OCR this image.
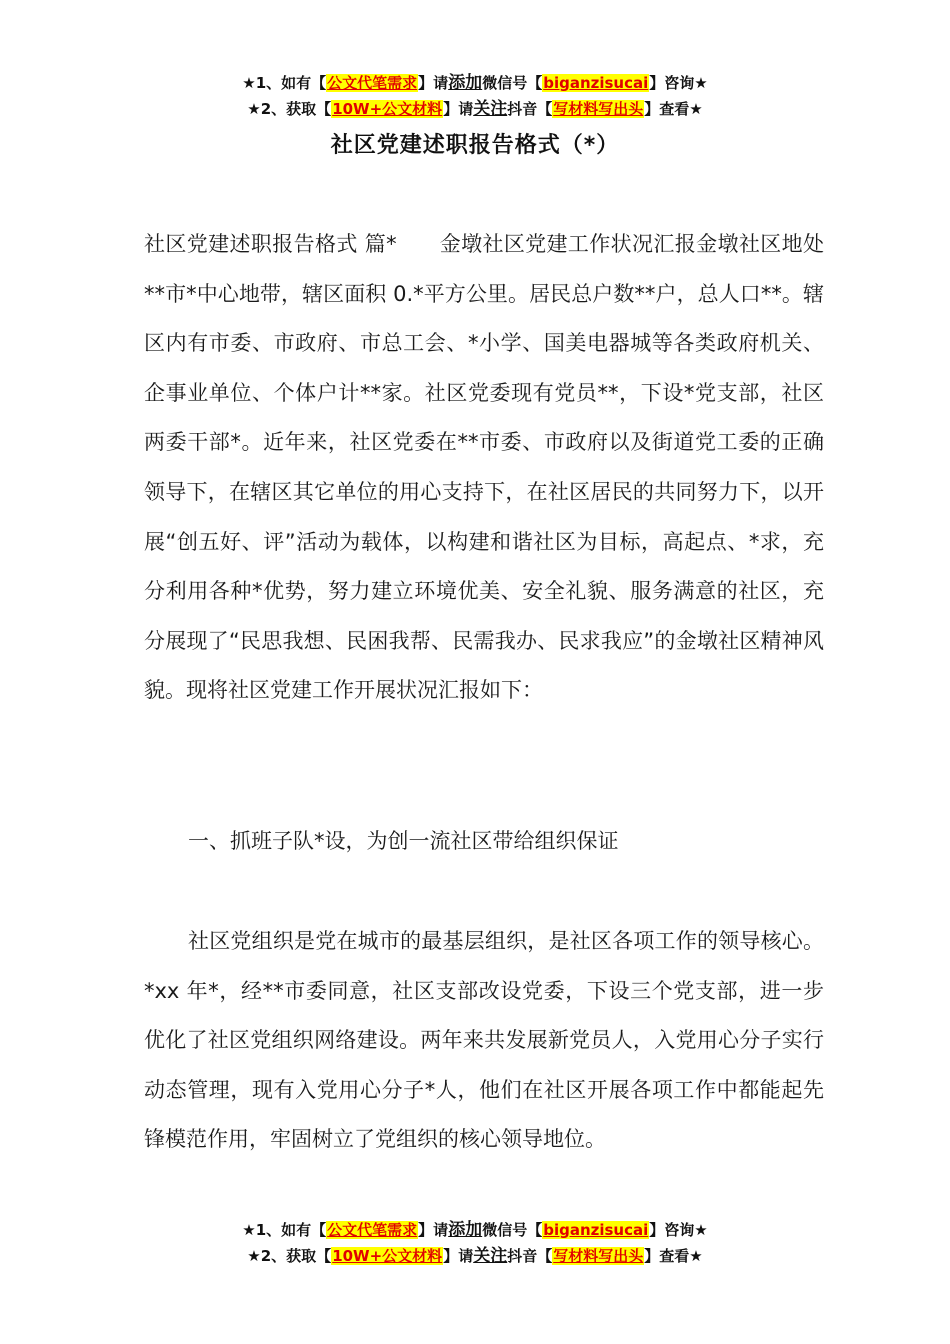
★1、如有【公文代笔需求】请添加微信号【biganzisucai】咨询★
★2、获取【10W+公文材料】请关注抖音【写材料写出头】查看★
社区党建述职报告格式（*）
社区党建述职报告格式 篇*　　金墩社区党建工作状况汇报金墩社区地处**市*中心地带，辖区面积 0.*平方公里。居民总户数**户，总人口**。辖区内有市委、市政府、市总工会、*小学、国美电器城等各类政府机关、企事业单位、个体户计**家。社区党委现有党员**，下设*党支部，社区两委干部*。近年来，社区党委在**市委、市政府以及街道党工委的正确领导下，在辖区其它单位的用心支持下，在社区居民的共同努力下，以开展“创五好、评”活动为载体，以构建和谐社区为目标，高起点、*求，充分利用各种*优势，努力建立环境优美、安全礼貌、服务满意的社区，充分展现了“民思我想、民困我帮、民需我办、民求我应”的金墩社区精神风貌。现将社区党建工作开展状况汇报如下：
一、抓班子队*设，为创一流社区带给组织保证
社区党组织是党在城市的最基层组织，是社区各项工作的领导核心。*xx 年*，经**市委同意，社区支部改设党委，下设三个党支部，进一步优化了社区党组织网络建设。两年来共发展新党员人，入党用心分子实行动态管理，现有入党用心分子*人，他们在社区开展各项工作中都能起先锋模范作用，牢固树立了党组织的核心领导地位。
★1、如有【公文代笔需求】请添加微信号【biganzisucai】咨询★
★2、获取【10W+公文材料】请关注抖音【写材料写出头】查看★
